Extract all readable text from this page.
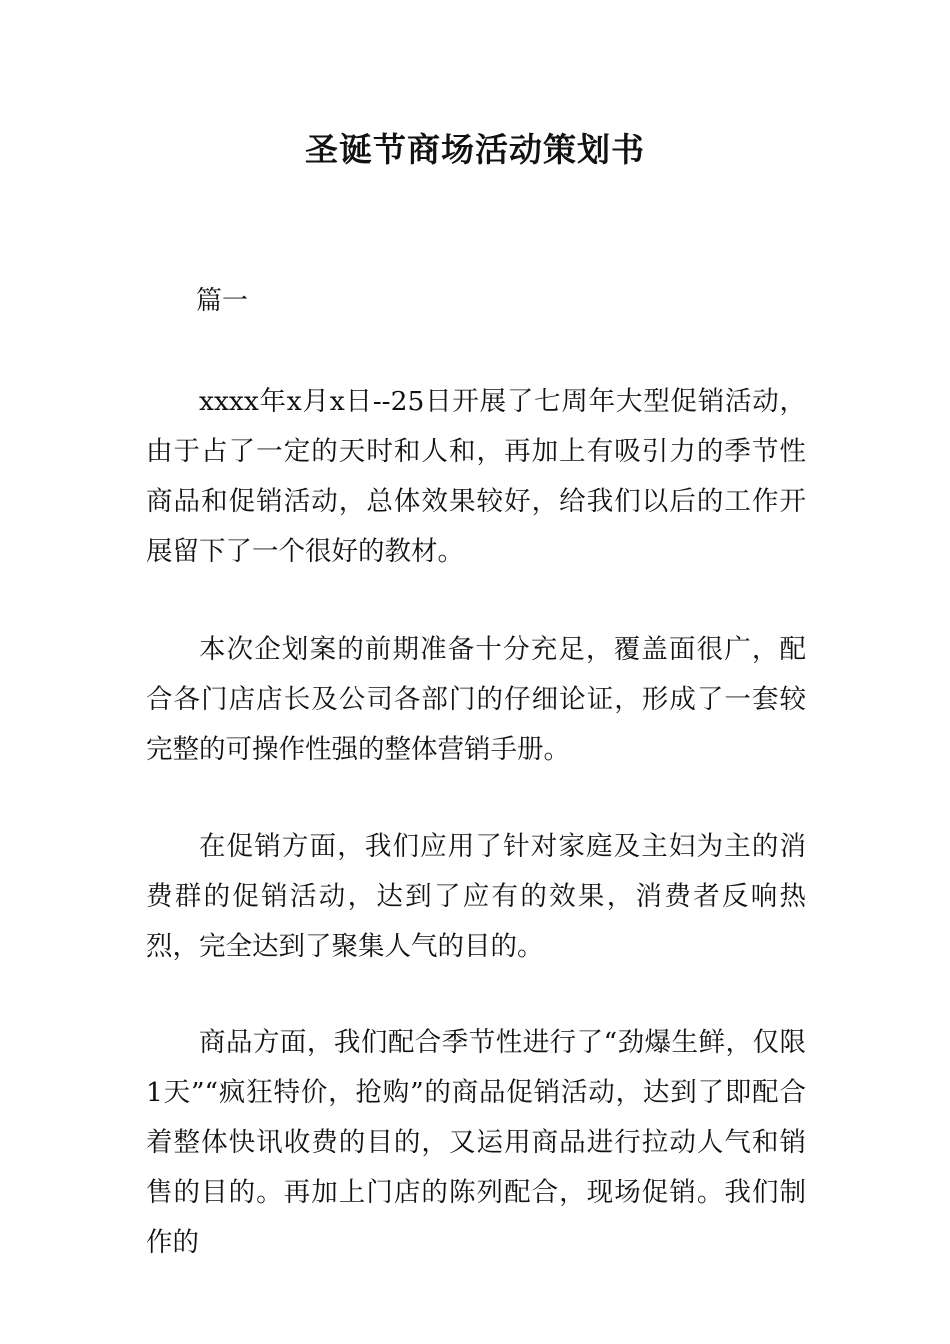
圣诞节商场活动策划书

篇一

xxxx年x月x日--25日开展了七周年大型促销活动，由于占了一定的天时和人和，再加上有吸引力的季节性商品和促销活动，总体效果较好，给我们以后的工作开展留下了一个很好的教材。

本次企划案的前期准备十分充足，覆盖面很广，配合各门店店长及公司各部门的仔细论证，形成了一套较完整的可操作性强的整体营销手册。

在促销方面，我们应用了针对家庭及主妇为主的消费群的促销活动，达到了应有的效果，消费者反响热烈，完全达到了聚集人气的目的。

商品方面，我们配合季节性进行了“劲爆生鲜，仅限1天”“疯狂特价，抢购”的商品促销活动，达到了即配合着整体快讯收费的目的，又运用商品进行拉动人气和销售的目的。再加上门店的陈列配合，现场促销。我们制作的
